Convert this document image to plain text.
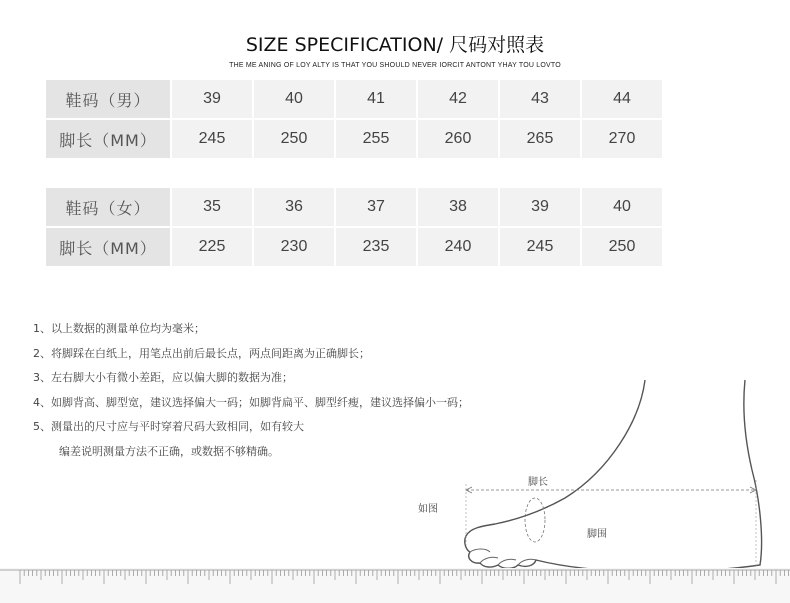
SIZE SPECIFICATION/ 尺码对照表
THE ME ANING OF LOY ALTY IS THAT YOU SHOULD NEVER IORCIT ANTONT YHAY TOU LOVTO
鞋码（男）	39	40	41	42	43	44
脚长（MM）	245	250	255	260	265	270
鞋码（女）	35	36	37	38	39	40
脚长（MM）	225	230	235	240	245	250
1、以上数据的测量单位均为毫米；
2、将脚踩在白纸上，用笔点出前后最长点，两点间距离为正确脚长；
3、左右脚大小有微小差距，应以偏大脚的数据为准；
4、如脚背高、脚型宽，建议选择偏大一码；如脚背扁平、脚型纤瘦，建议选择偏小一码；
5、测量出的尺寸应与平时穿着尺码大致相同，如有较大
编差说明测量方法不正确，或数据不够精确。
脚长
如图
脚围
